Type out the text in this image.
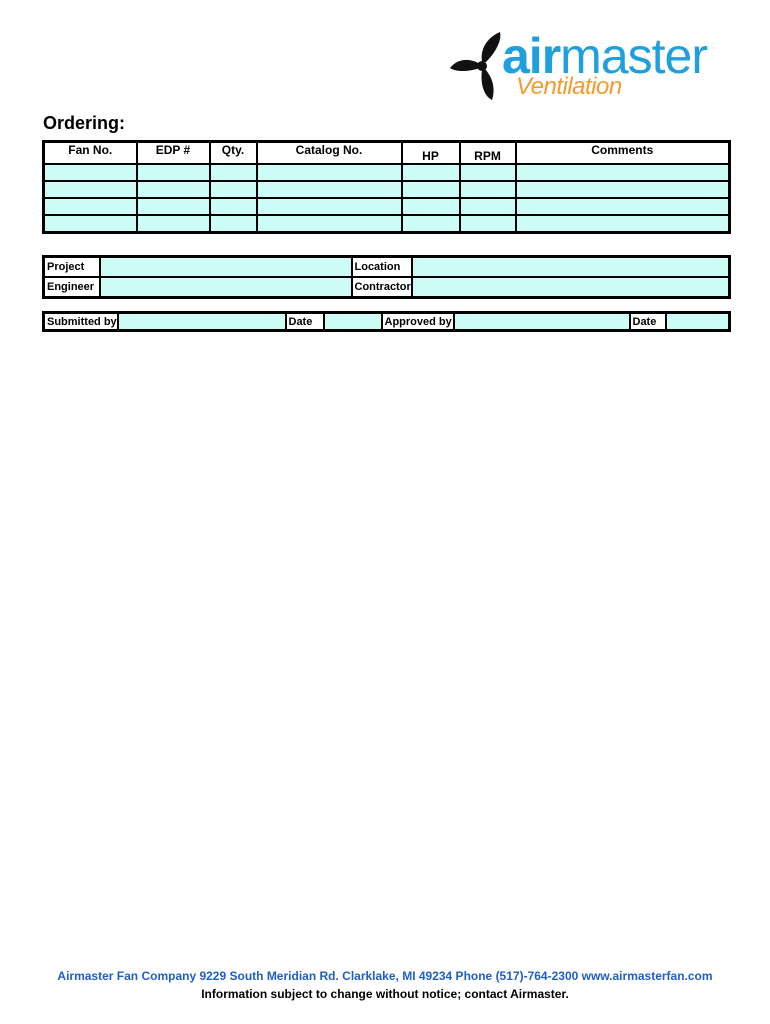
airmaster
Ventilation
Ordering:
Fan No.	EDP #	Qty.	Catalog No.	HP	RPM	Comments

Project		Location	
Engineer		Contractor	
Submitted by		Date		Approved by		Date	
Airmaster Fan Company 9229 South Meridian Rd. Clarklake, MI 49234 Phone (517)-764-2300 www.airmasterfan.com
Information subject to change without notice; contact Airmaster.
